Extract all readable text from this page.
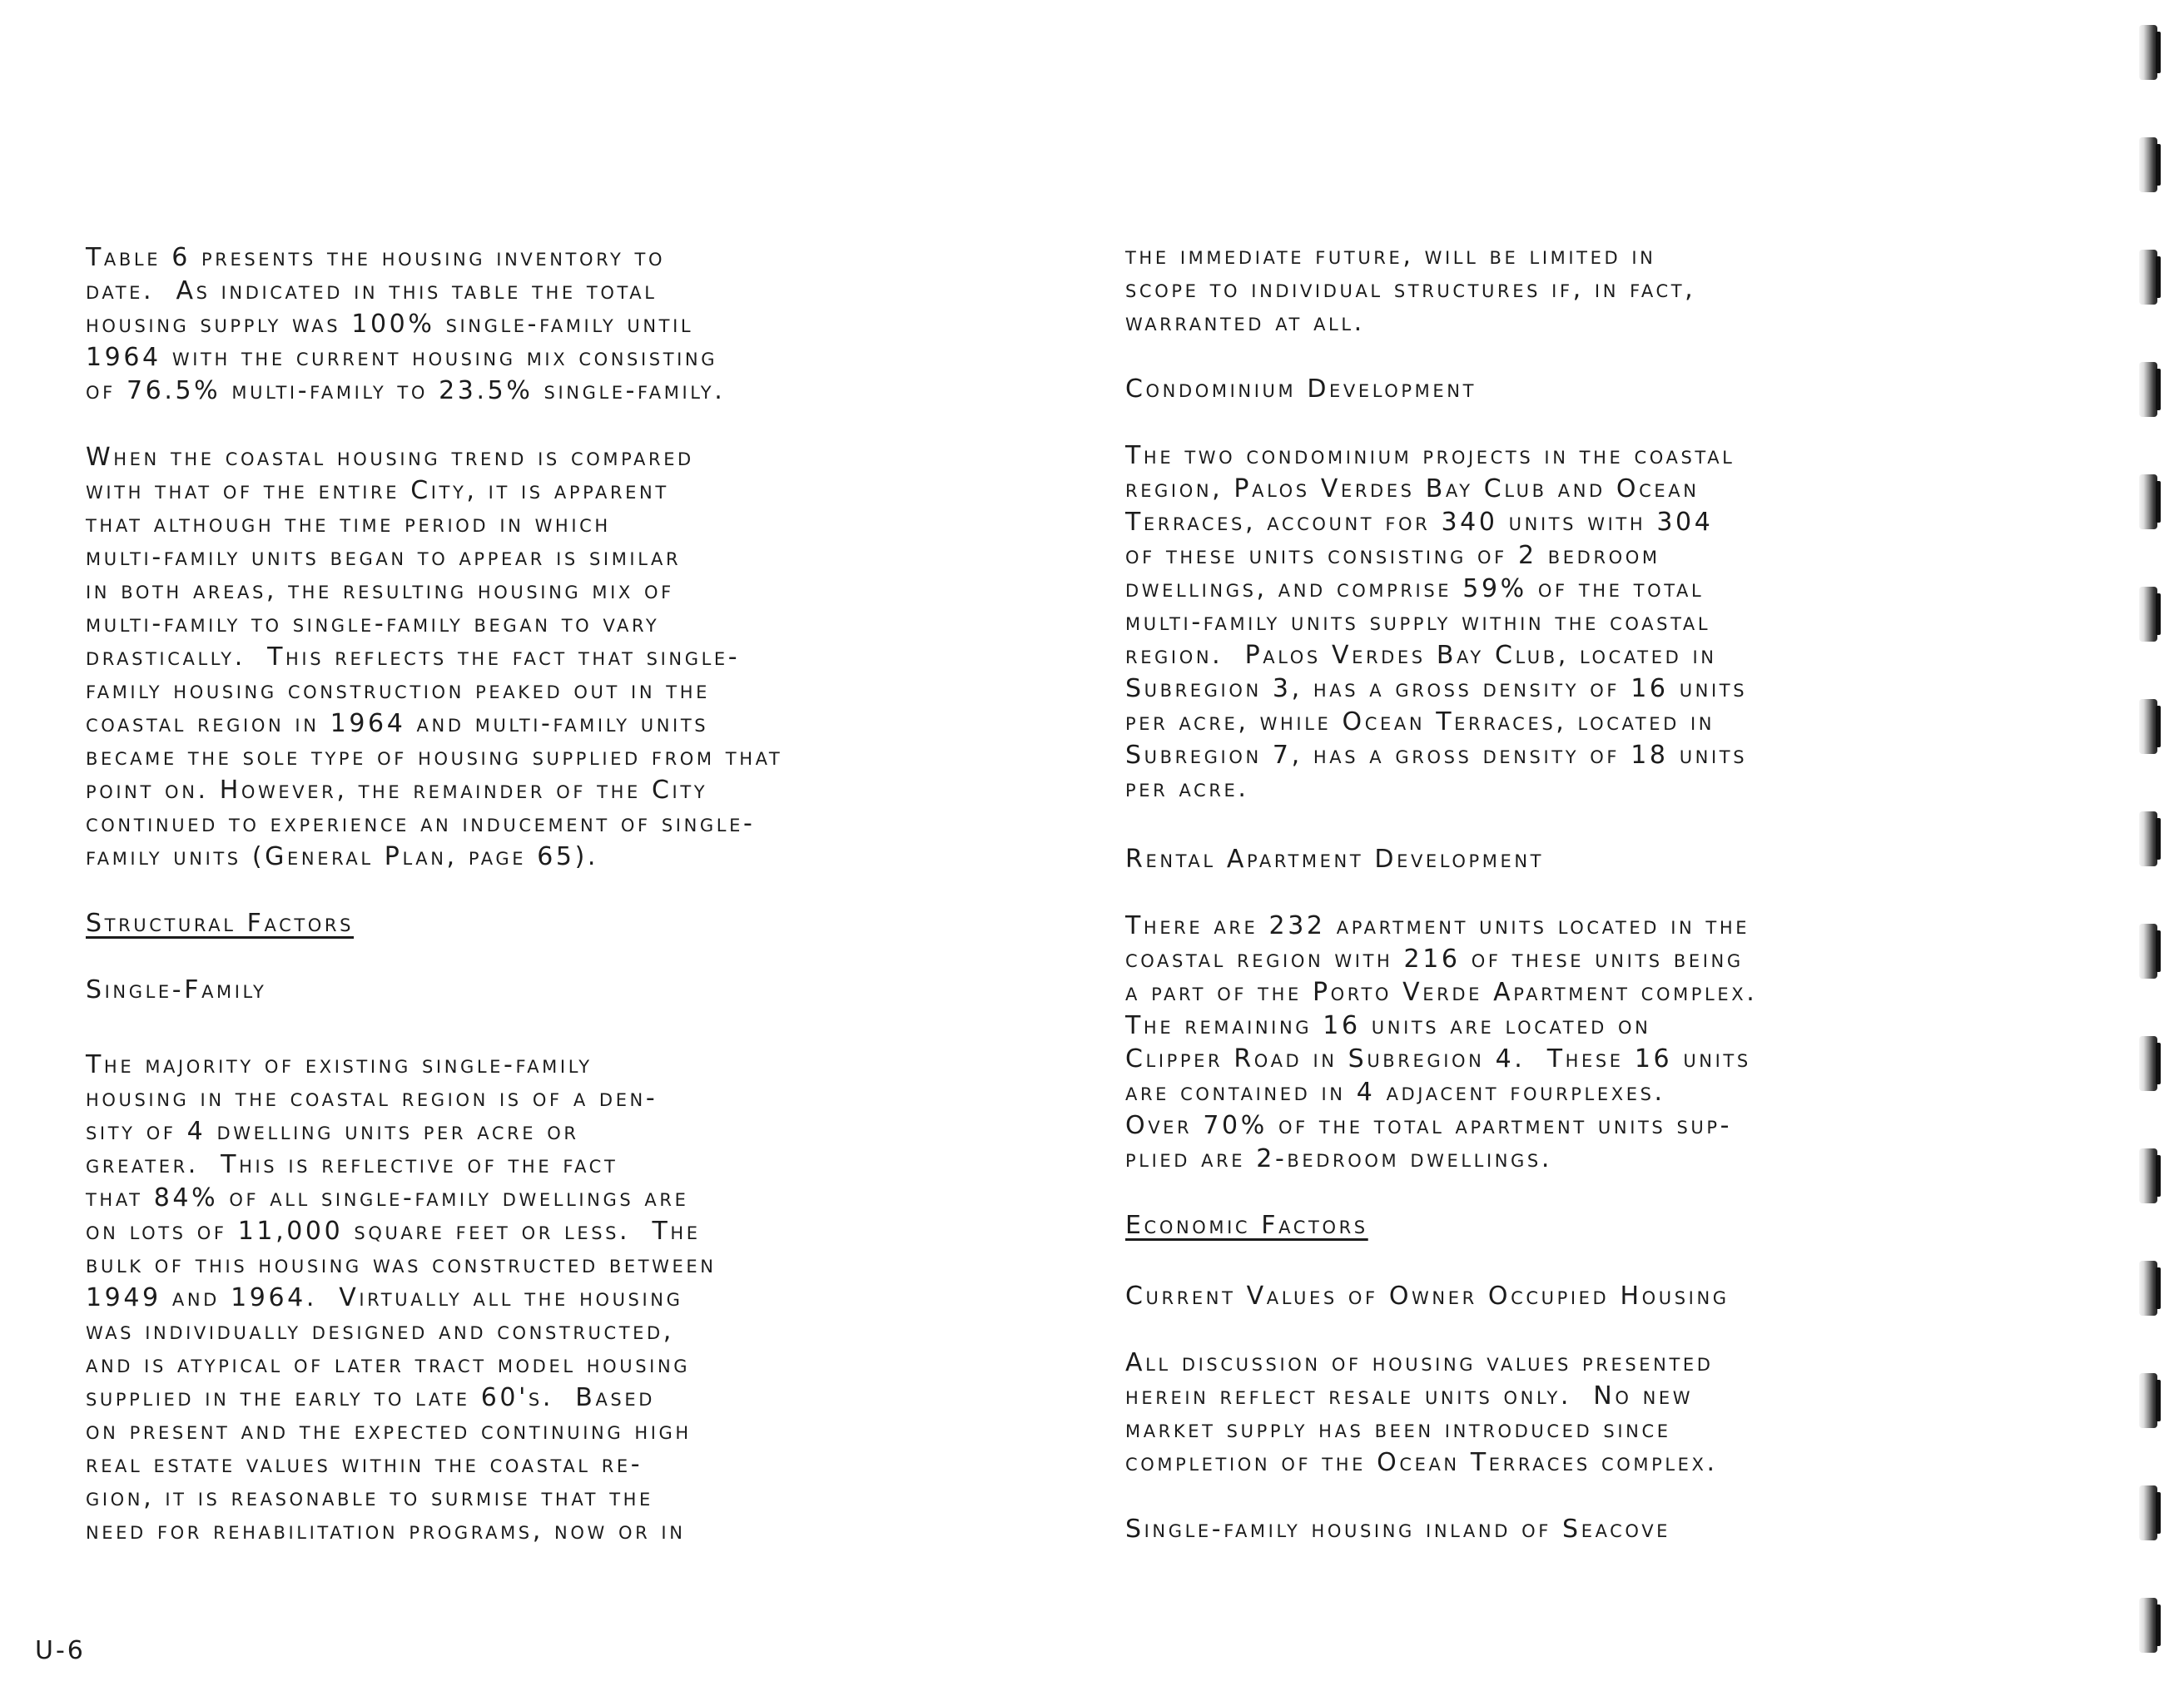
Table 6 presents the housing inventory to
date.  As indicated in this table the total
housing supply was 100% single-family until
1964 with the current housing mix consisting
of 76.5% multi-family to 23.5% single-family.
When the coastal housing trend is compared
with that of the entire City, it is apparent
that although the time period in which
multi-family units began to appear is similar
in both areas, the resulting housing mix of
multi-family to single-family began to vary
drastically.  This reflects the fact that single-
family housing construction peaked out in the
coastal region in 1964 and multi-family units
became the sole type of housing supplied from that
point on. However, the remainder of the City
continued to experience an inducement of single-
family units (General Plan, page 65).
Structural Factors
Single-Family
The majority of existing single-family
housing in the coastal region is of a den-
sity of 4 dwelling units per acre or
greater.  This is reflective of the fact
that 84% of all single-family dwellings are
on lots of 11,000 square feet or less.  The
bulk of this housing was constructed between
1949 and 1964.  Virtually all the housing
was individually designed and constructed,
and is atypical of later tract model housing
supplied in the early to late 60's.  Based
on present and the expected continuing high
real estate values within the coastal re-
gion, it is reasonable to surmise that the
need for rehabilitation programs, now or in
the immediate future, will be limited in
scope to individual structures if, in fact,
warranted at all.
Condominium Development
The two condominium projects in the coastal
region, Palos Verdes Bay Club and Ocean
Terraces, account for 340 units with 304
of these units consisting of 2 bedroom
dwellings, and comprise 59% of the total
multi-family units supply within the coastal
region.  Palos Verdes Bay Club, located in
Subregion 3, has a gross density of 16 units
per acre, while Ocean Terraces, located in
Subregion 7, has a gross density of 18 units
per acre.
Rental Apartment Development
There are 232 apartment units located in the
coastal region with 216 of these units being
a part of the Porto Verde Apartment complex.
The remaining 16 units are located on
Clipper Road in Subregion 4.  These 16 units
are contained in 4 adjacent fourplexes.
Over 70% of the total apartment units sup-
plied are 2-bedroom dwellings.
Economic Factors
Current Values of Owner Occupied Housing
All discussion of housing values presented
herein reflect resale units only.  No new
market supply has been introduced since
completion of the Ocean Terraces complex.
Single-family housing inland of Seacove
U-6
